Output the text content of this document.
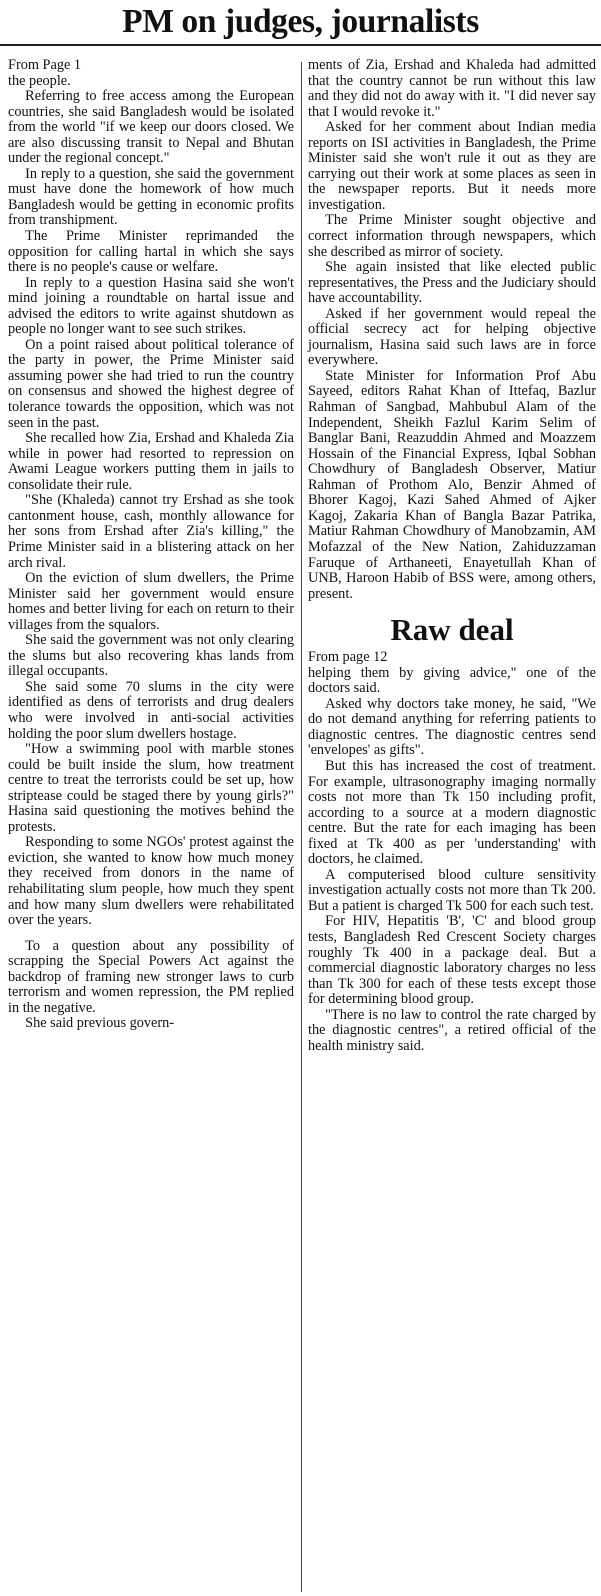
PM on judges, journalists

From Page 1

the people.

Referring to free access among the European countries, she said Bangladesh would be isolated from the world "if we keep our doors closed. We are also discussing transit to Nepal and Bhutan under the regional concept."

In reply to a question, she said the government must have done the homework of how much Bangladesh would be getting in economic profits from transhipment.

The Prime Minister reprimanded the opposition for calling hartal in which she says there is no people's cause or welfare.

In reply to a question Hasina said she won't mind joining a roundtable on hartal issue and advised the editors to write against shutdown as people no longer want to see such strikes.

On a point raised about political tolerance of the party in power, the Prime Minister said assuming power she had tried to run the country on consensus and showed the highest degree of tolerance towards the opposition, which was not seen in the past.

She recalled how Zia, Ershad and Khaleda Zia while in power had resorted to repression on Awami League workers putting them in jails to consolidate their rule.

"She (Khaleda) cannot try Ershad as she took cantonment house, cash, monthly allowance for her sons from Ershad after Zia's killing," the Prime Minister said in a blistering attack on her arch rival.

On the eviction of slum dwellers, the Prime Minister said her government would ensure homes and better living for each on return to their villages from the squalors.

She said the government was not only clearing the slums but also recovering khas lands from illegal occupants.

She said some 70 slums in the city were identified as dens of terrorists and drug dealers who were involved in anti-social activities holding the poor slum dwellers hostage.

"How a swimming pool with marble stones could be built inside the slum, how treatment centre to treat the terrorists could be set up, how striptease could be staged there by young girls?" Hasina said questioning the motives behind the protests.

Responding to some NGOs' protest against the eviction, she wanted to know how much money they received from donors in the name of rehabilitating slum people, how much they spent and how many slum dwellers were rehabilitated over the years.

To a question about any possibility of scrapping the Special Powers Act against the backdrop of framing new stronger laws to curb terrorism and women repression, the PM replied in the negative.

She said previous govern-

ments of Zia, Ershad and Khaleda had admitted that the country cannot be run without this law and they did not do away with it. "I did never say that I would revoke it."

Asked for her comment about Indian media reports on ISI activities in Bangladesh, the Prime Minister said she won't rule it out as they are carrying out their work at some places as seen in the newspaper reports. But it needs more investigation.

The Prime Minister sought objective and correct information through newspapers, which she described as mirror of society.

She again insisted that like elected public representatives, the Press and the Judiciary should have accountability.

Asked if her government would repeal the official secrecy act for helping objective journalism, Hasina said such laws are in force everywhere.

State Minister for Information Prof Abu Sayeed, editors Rahat Khan of Ittefaq, Bazlur Rahman of Sangbad, Mahbubul Alam of the Independent, Sheikh Fazlul Karim Selim of Banglar Bani, Reazuddin Ahmed and Moazzem Hossain of the Financial Express, Iqbal Sobhan Chowdhury of Bangladesh Observer, Matiur Rahman of Prothom Alo, Benzir Ahmed of Bhorer Kagoj, Kazi Sahed Ahmed of Ajker Kagoj, Zakaria Khan of Bangla Bazar Patrika, Matiur Rahman Chowdhury of Manobzamin, AM Mofazzal of the New Nation, Zahiduzzaman Faruque of Arthaneeti, Enayetullah Khan of UNB, Haroon Habib of BSS were, among others, present.

Raw deal

From page 12

helping them by giving advice," one of the doctors said.

Asked why doctors take money, he said, "We do not demand anything for referring patients to diagnostic centres. The diagnostic centres send 'envelopes' as gifts".

But this has increased the cost of treatment. For example, ultrasonography imaging normally costs not more than Tk 150 including profit, according to a source at a modern diagnostic centre. But the rate for each imaging has been fixed at Tk 400 as per 'understanding' with doctors, he claimed.

A computerised blood culture sensitivity investigation actually costs not more than Tk 200. But a patient is charged Tk 500 for each such test.

For HIV, Hepatitis 'B', 'C' and blood group tests, Bangladesh Red Crescent Society charges roughly Tk 400 in a package deal. But a commercial diagnostic laboratory charges no less than Tk 300 for each of these tests except those for determining blood group.

"There is no law to control the rate charged by the diagnostic centres", a retired official of the health ministry said.
